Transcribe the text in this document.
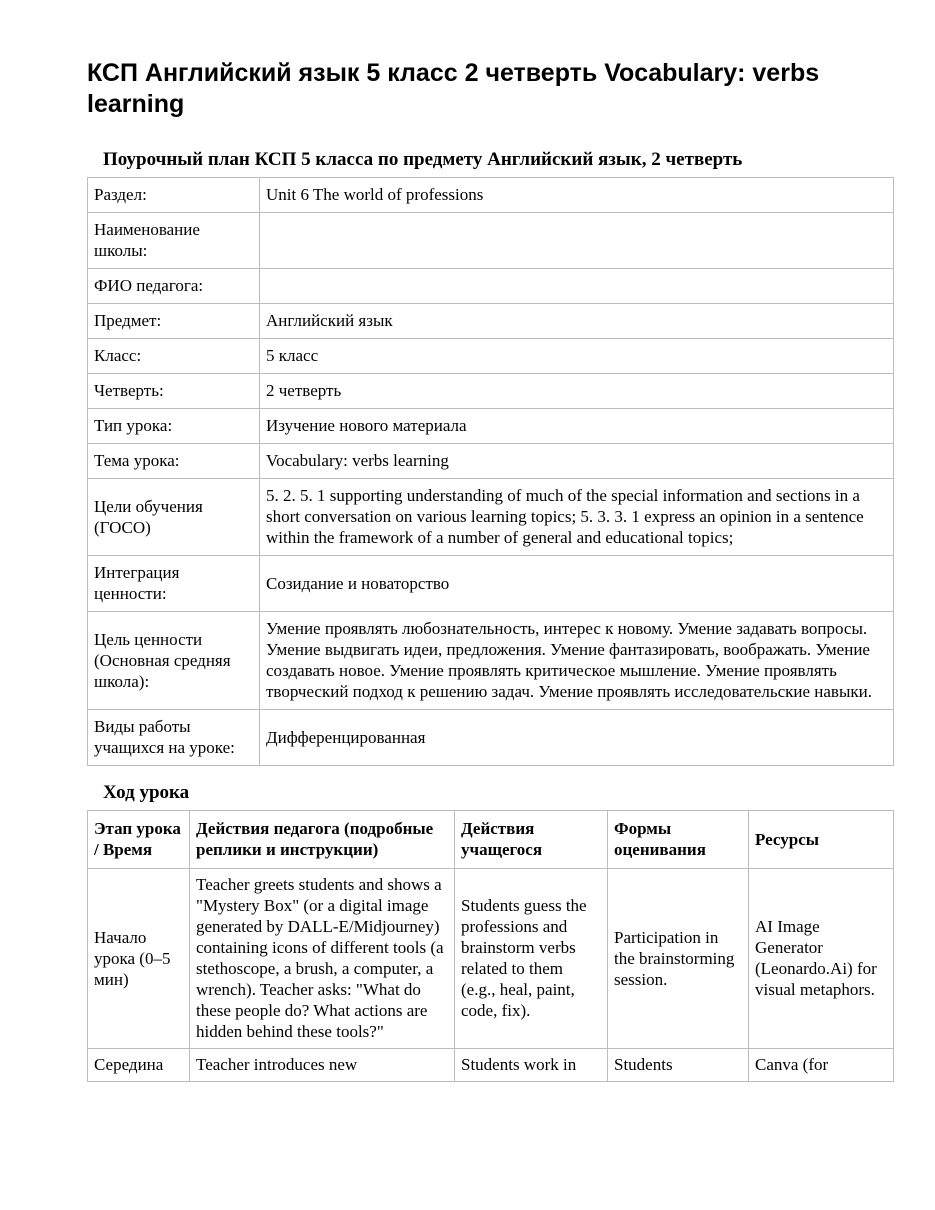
КСП Английский язык 5 класс 2 четверть Vocabulary: verbs learning
Поурочный план КСП 5 класса по предмету Английский язык, 2 четверть
Раздел:	Unit 6 The world of professions
Наименование школы:	
ФИО педагога:	
Предмет:	Английский язык
Класс:	5 класс
Четверть:	2 четверть
Тип урока:	Изучение нового материала
Тема урока:	Vocabulary: verbs learning
Цели обучения (ГОСО)	5. 2. 5. 1 supporting understanding of much of the special information and sections in a short conversation on various learning topics; 5. 3. 3. 1 express an opinion in a sentence within the framework of a number of general and educational topics;
Интеграция ценности:	Созидание и новаторство
Цель ценности (Основная средняя школа):	Умение проявлять любознательность, интерес к новому. Умение задавать вопросы. Умение выдвигать идеи, предложения. Умение фантазировать, воображать. Умение создавать новое. Умение проявлять критическое мышление. Умение проявлять творческий подход к решению задач. Умение проявлять исследовательские навыки.
Виды работы учащихся на уроке:	Дифференцированная
Ход урока
Этап урока / Время	Действия педагога (подробные реплики и инструкции)	Действия учащегося	Формы оценивания	Ресурсы
Начало урока (0–5 мин)	Teacher greets students and shows a "Mystery Box" (or a digital image generated by DALL-E/Midjourney) containing icons of different tools (a stethoscope, a brush, a computer, a wrench). Teacher asks: "What do these people do? What actions are hidden behind these tools?"	Students guess the professions and brainstorm verbs related to them (e.g., heal, paint, code, fix).	Participation in the brainstorming session.	AI Image Generator (Leonardo.Ai) for visual metaphors.
Середина	Teacher introduces new	Students work in	Students	Canva (for
